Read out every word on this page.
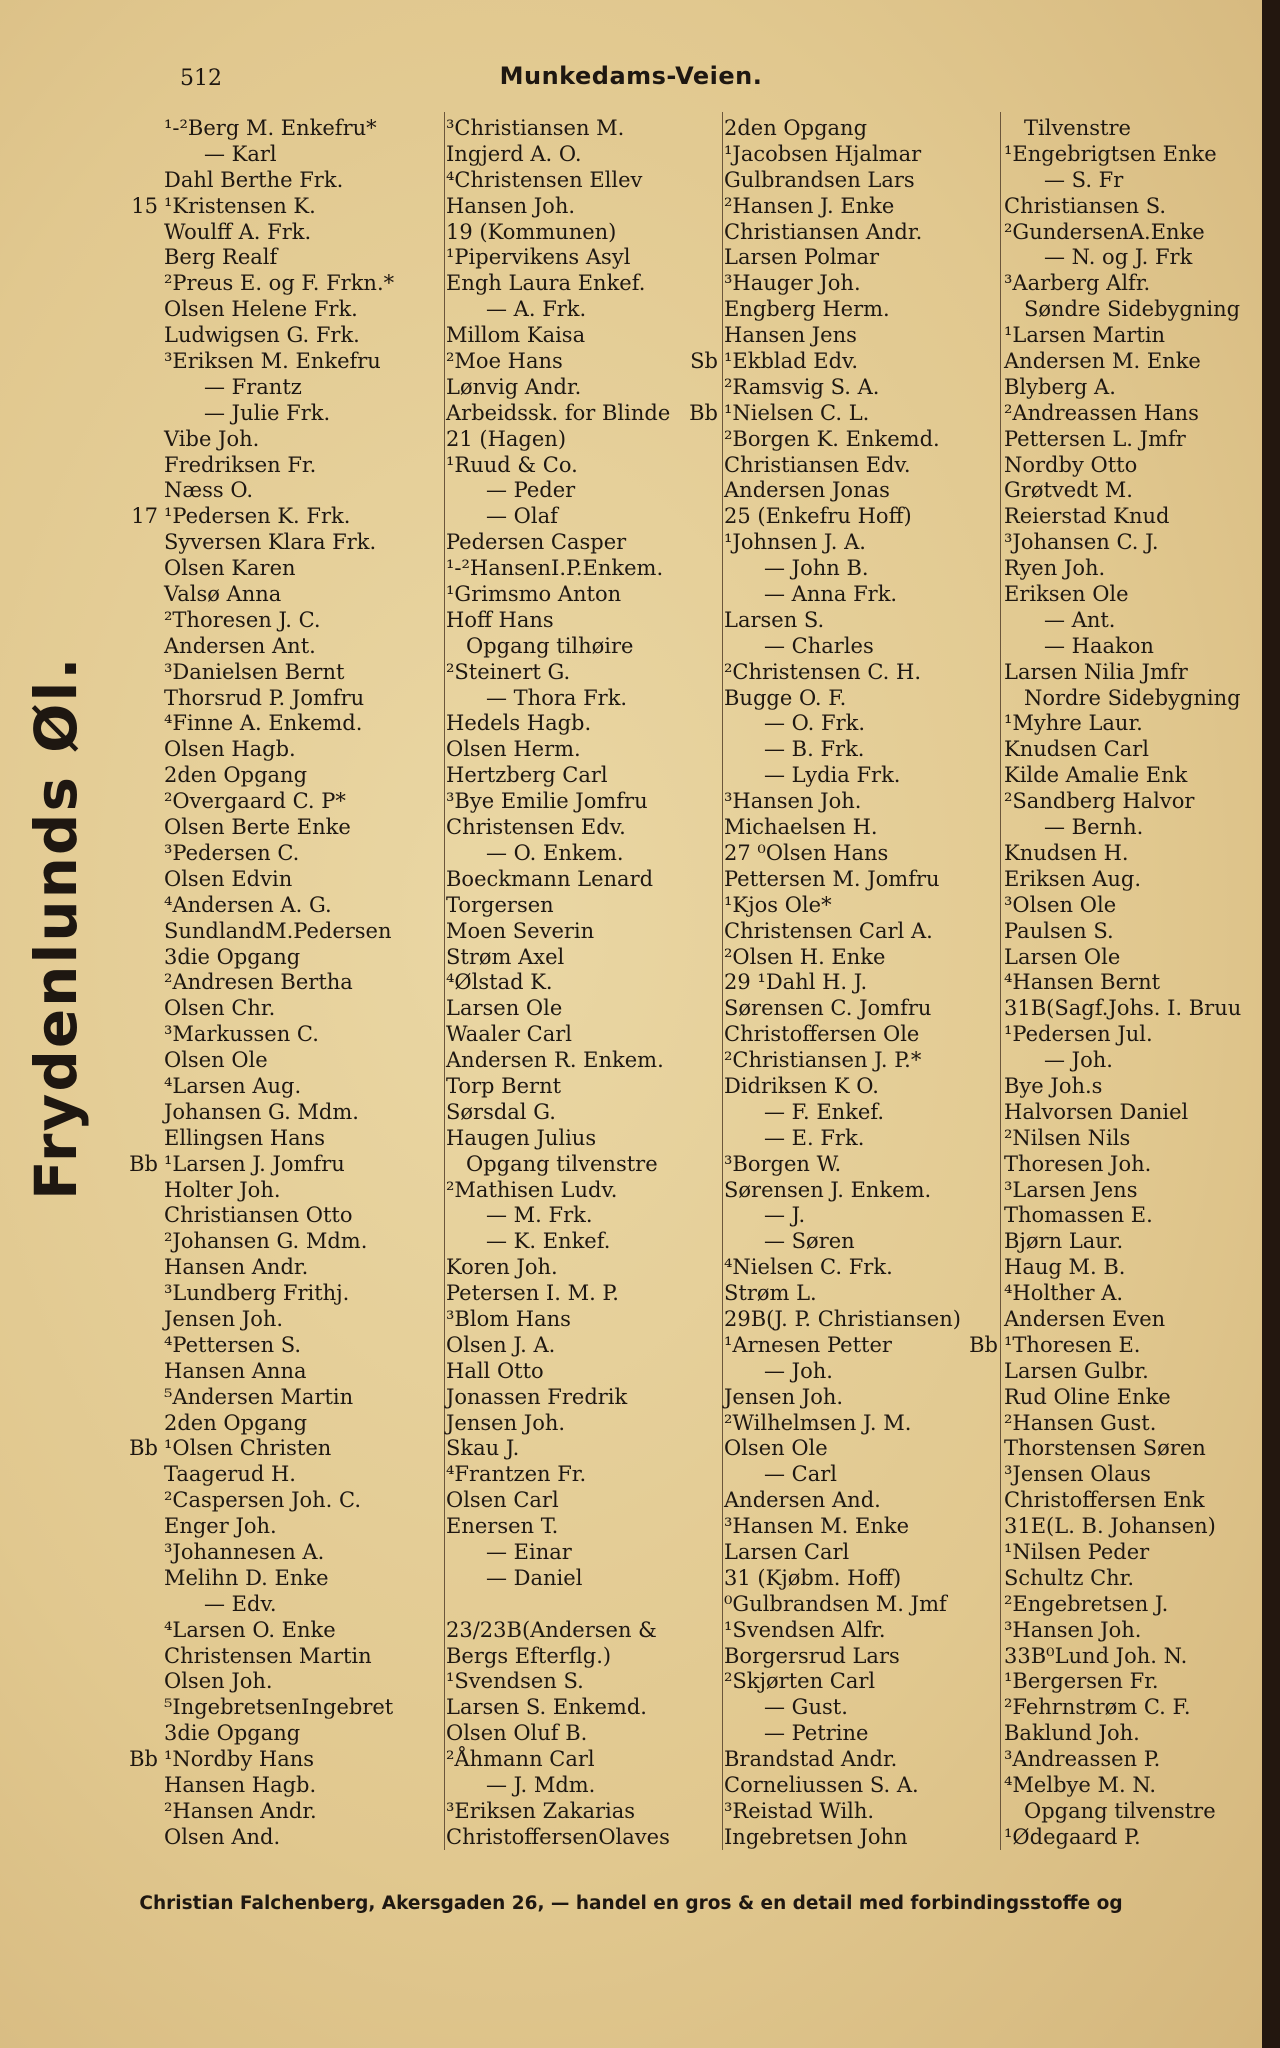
512	Munkedams-Veien.
Frydenlunds Øl.
¹-²Berg M. Enkefru*
— Karl
Dahl Berthe Frk.
15 ¹Kristensen K.
Woulff A. Frk.
Berg Realf
²Preus E. og F. Frkn.*
Olsen Helene Frk.
Ludwigsen G. Frk.
³Eriksen M. Enkefru
— Frantz
— Julie Frk.
Vibe Joh.
Fredriksen Fr.
Næss O.
17 ¹Pedersen K. Frk.
Syversen Klara Frk.
Olsen Karen
Valsø Anna
²Thoresen J. C.
Andersen Ant.
³Danielsen Bernt
Thorsrud P. Jomfru
⁴Finne A. Enkemd.
Olsen Hagb.
2den Opgang
²Overgaard C. P*
Olsen Berte Enke
³Pedersen C.
Olsen Edvin
⁴Andersen A. G.
SundlandM.Pedersen
3die Opgang
²Andresen Bertha
Olsen Chr.
³Markussen C.
Olsen Ole
⁴Larsen Aug.
Johansen G. Mdm.
Ellingsen Hans
Bb ¹Larsen J. Jomfru
Holter Joh.
Christiansen Otto
²Johansen G. Mdm.
Hansen Andr.
³Lundberg Frithj.
Jensen Joh.
⁴Pettersen S.
Hansen Anna
⁵Andersen Martin
2den Opgang
Bb ¹Olsen Christen
Taagerud H.
²Caspersen Joh. C.
Enger Joh.
³Johannesen A.
Melihn D. Enke
— Edv.
⁴Larsen O. Enke
Christensen Martin
Olsen Joh.
⁵IngebretsenIngebret
3die Opgang
Bb ¹Nordby Hans
Hansen Hagb.
²Hansen Andr.
Olsen And.
³Christiansen M.
Ingjerd A. O.
⁴Christensen Ellev
Hansen Joh.
19 (Kommunen)
¹Pipervikens Asyl
Engh Laura Enkef.
— A. Frk.
Millom Kaisa
²Moe Hans
Lønvig Andr.
Arbeidssk. for Blinde
21 (Hagen)
¹Ruud & Co.
— Peder
— Olaf
Pedersen Casper
¹-²HansenI.P.Enkem.
¹Grimsmo Anton
Hoff Hans
Opgang tilhøire
²Steinert G.
— Thora Frk.
Hedels Hagb.
Olsen Herm.
Hertzberg Carl
³Bye Emilie Jomfru
Christensen Edv.
— O. Enkem.
Boeckmann Lenard
Torgersen
Moen Severin
Strøm Axel
⁴Ølstad K.
Larsen Ole
Waaler Carl
Andersen R. Enkem.
Torp Bernt
Sørsdal G.
Haugen Julius
Opgang tilvenstre
²Mathisen Ludv.
— M. Frk.
— K. Enkef.
Koren Joh.
Petersen I. M. P.
³Blom Hans
Olsen J. A.
Hall Otto
Jonassen Fredrik
Jensen Joh.
Skau J.
⁴Frantzen Fr.
Olsen Carl
Enersen T.
— Einar
— Daniel
23/23B(Andersen &
Bergs Efterflg.)
¹Svendsen S.
Larsen S. Enkemd.
Olsen Oluf B.
²Åhmann Carl
— J. Mdm.
³Eriksen Zakarias
ChristoffersenOlaves
2den Opgang
¹Jacobsen Hjalmar
Gulbrandsen Lars
²Hansen J. Enke
Christiansen Andr.
Larsen Polmar
³Hauger Joh.
Engberg Herm.
Hansen Jens
Sb ¹Ekblad Edv.
²Ramsvig S. A.
Bb ¹Nielsen C. L.
²Borgen K. Enkemd.
Christiansen Edv.
Andersen Jonas
25 (Enkefru Hoff)
¹Johnsen J. A.
— John B.
— Anna Frk.
Larsen S.
— Charles
²Christensen C. H.
Bugge O. F.
— O. Frk.
— B. Frk.
— Lydia Frk.
³Hansen Joh.
Michaelsen H.
27 ⁰Olsen Hans
Pettersen M. Jomfru
¹Kjos Ole*
Christensen Carl A.
²Olsen H. Enke
29 ¹Dahl H. J.
Sørensen C. Jomfru
Christoffersen Ole
²Christiansen J. P.*
Didriksen K O.
— F. Enkef.
— E. Frk.
³Borgen W.
Sørensen J. Enkem.
— J.
— Søren
⁴Nielsen C. Frk.
Strøm L.
29B(J. P. Christiansen)
¹Arnesen Petter
— Joh.
Jensen Joh.
²Wilhelmsen J. M.
Olsen Ole
— Carl
Andersen And.
³Hansen M. Enke
Larsen Carl
31 (Kjøbm. Hoff)
⁰Gulbrandsen M. Jmf
¹Svendsen Alfr.
Borgersrud Lars
²Skjørten Carl
— Gust.
— Petrine
Brandstad Andr.
Corneliussen S. A.
³Reistad Wilh.
Ingebretsen John
Tilvenstre
¹Engebrigtsen Enke
— S. Fr
Christiansen S.
²GundersenA.Enke
— N. og J. Frk
³Aarberg Alfr.
Søndre Sidebygning
¹Larsen Martin
Andersen M. Enke
Blyberg A.
²Andreassen Hans
Pettersen L. Jmfr
Nordby Otto
Grøtvedt M.
Reierstad Knud
³Johansen C. J.
Ryen Joh.
Eriksen Ole
— Ant.
— Haakon
Larsen Nilia Jmfr
Nordre Sidebygning
¹Myhre Laur.
Knudsen Carl
Kilde Amalie Enk
²Sandberg Halvor
— Bernh.
Knudsen H.
Eriksen Aug.
³Olsen Ole
Paulsen S.
Larsen Ole
⁴Hansen Bernt
31B(Sagf.Johs. I. Bruu
¹Pedersen Jul.
— Joh.
Bye Joh.s
Halvorsen Daniel
²Nilsen Nils
Thoresen Joh.
³Larsen Jens
Thomassen E.
Bjørn Laur.
Haug M. B.
⁴Holther A.
Andersen Even
Bb ¹Thoresen E.
Larsen Gulbr.
Rud Oline Enke
²Hansen Gust.
Thorstensen Søren
³Jensen Olaus
Christoffersen Enk
31E(L. B. Johansen)
¹Nilsen Peder
Schultz Chr.
²Engebretsen J.
³Hansen Joh.
33B⁰Lund Joh. N.
¹Bergersen Fr.
²Fehrnstrøm C. F.
Baklund Joh.
³Andreassen P.
⁴Melbye M. N.
Opgang tilvenstre
¹Ødegaard P.
Christian Falchenberg, Akersgaden 26, — handel en gros & en detail med forbindingsstoffe og
